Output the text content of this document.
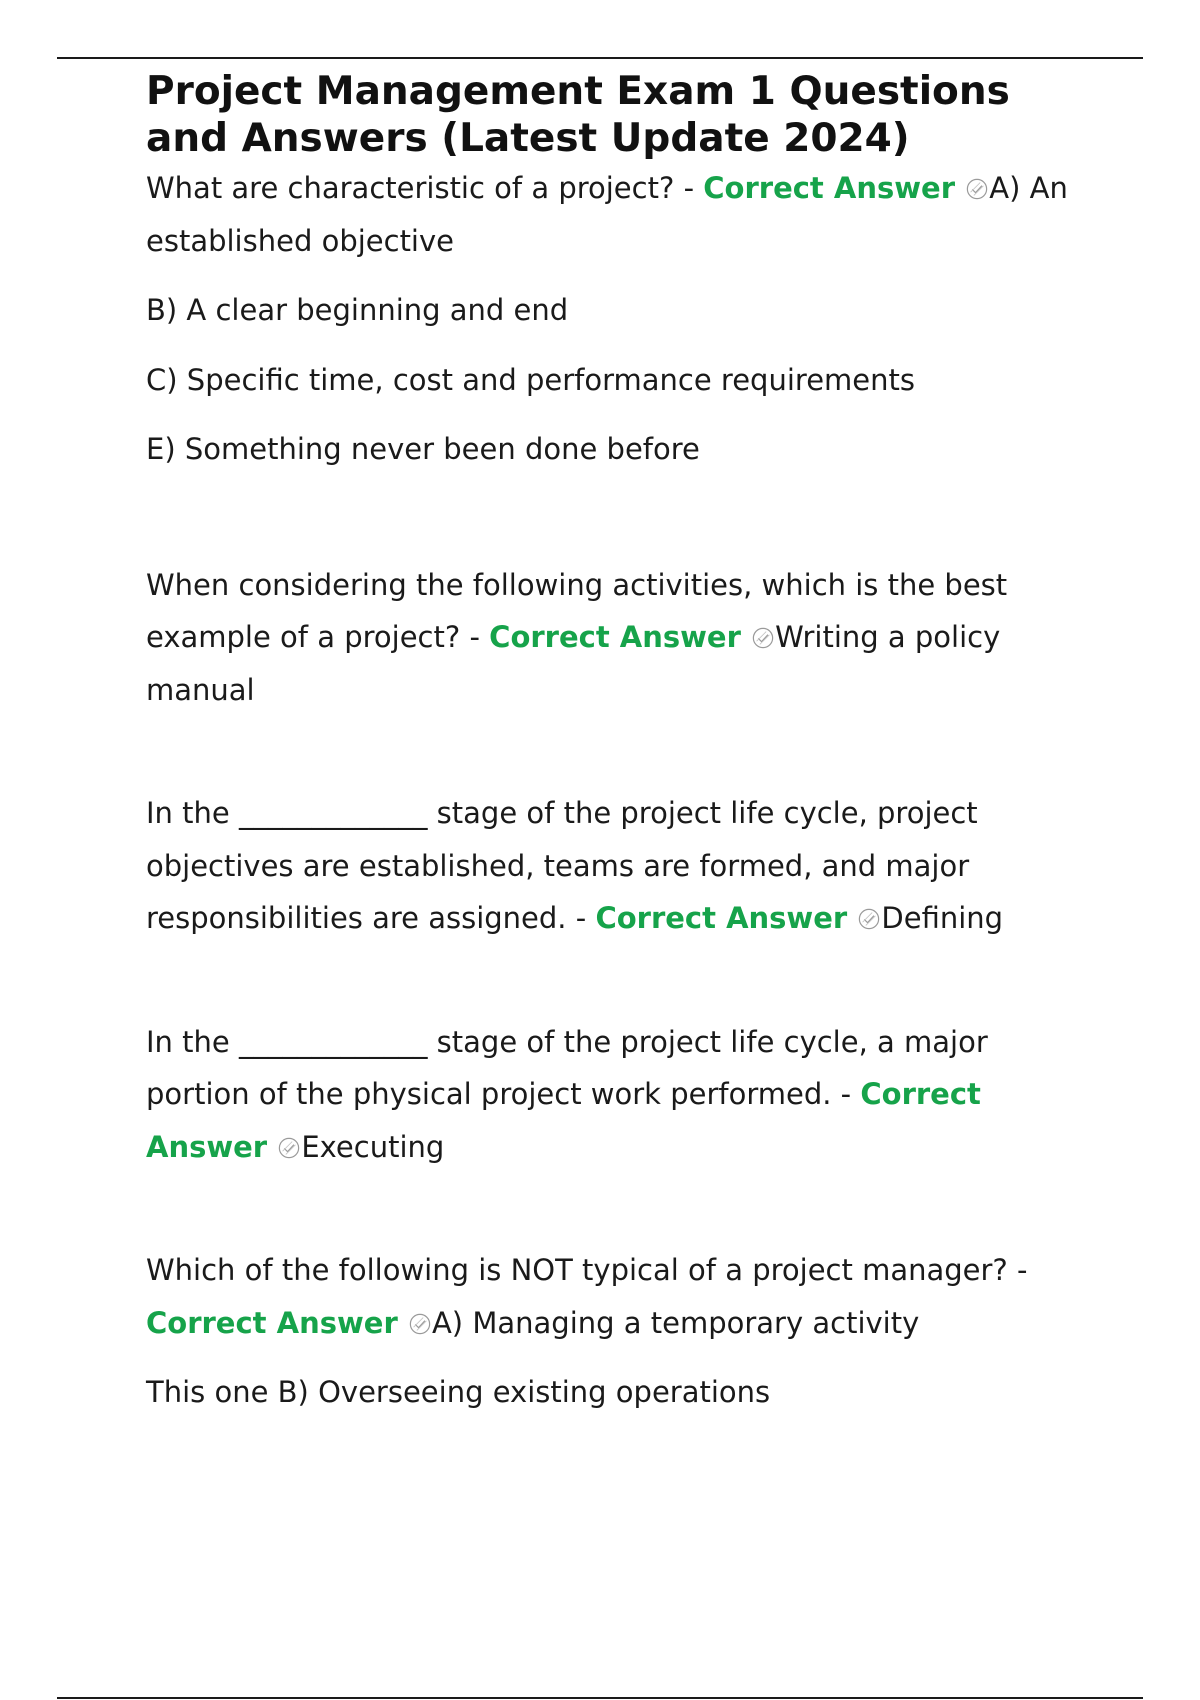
Project Management Exam 1 Questions and Answers (Latest Update 2024)

What are characteristic of a project? - Correct Answer A) An established objective

B) A clear beginning and end

C) Specific time, cost and performance requirements

E) Something never been done before

When considering the following activities, which is the best example of a project? - Correct Answer Writing a policy manual

In the _____________ stage of the project life cycle, project objectives are established, teams are formed, and major responsibilities are assigned. - Correct Answer Defining

In the _____________ stage of the project life cycle, a major portion of the physical project work performed. - Correct Answer Executing

Which of the following is NOT typical of a project manager? - Correct Answer A) Managing a temporary activity

This one B) Overseeing existing operations
